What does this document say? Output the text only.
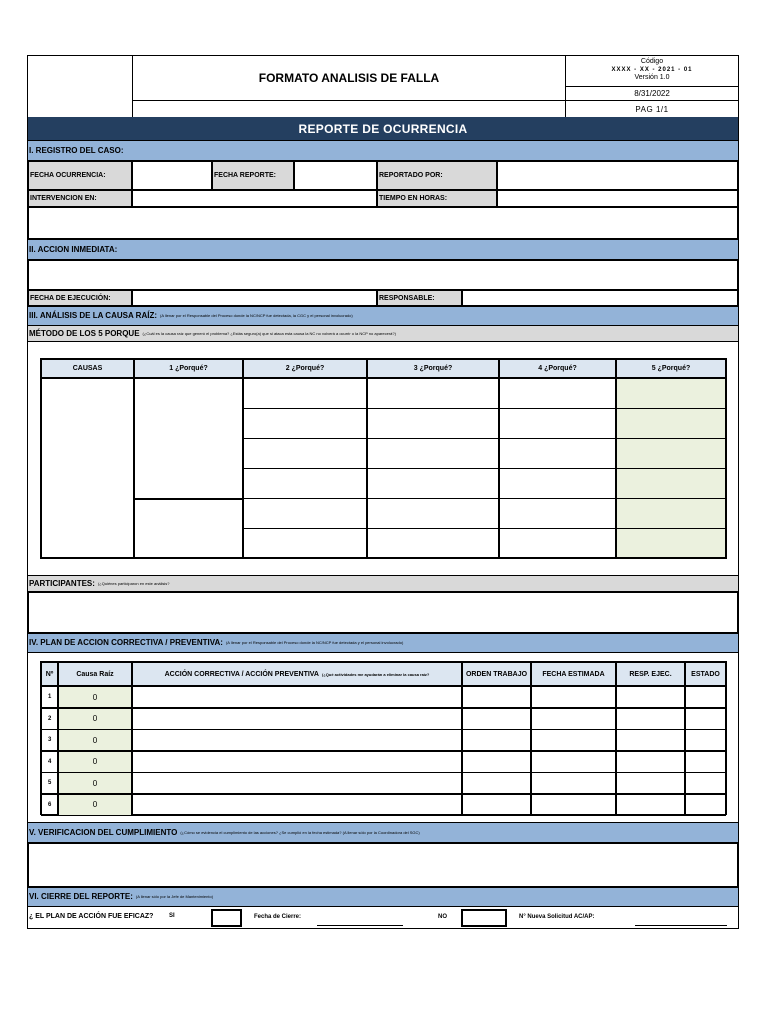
FORMATO ANALISIS DE FALLA
Código
XXXX - XX - 2021 - 01
Versión 1.0
8/31/2022
PAG 1/1
REPORTE DE OCURRENCIA
I. REGISTRO DEL CASO:
FECHA OCURRENCIA:	FECHA REPORTE:	REPORTADO POR:
INTERVENCION EN:	TIEMPO EN HORAS:
II. ACCION INMEDIATA:
FECHA DE EJECUCIÓN:	RESPONSABLE:
III. ANÁLISIS DE LA CAUSA RAÍZ: $^{(A llenar por el Responsable del Proceso donde la NC/NCP fue detectada, la CGC y el personal involucrado)}$
MÉTODO DE LOS 5 PORQUE $^{(¿Cuál es la causa raíz que generó el problema? ¿Estás seguro(a) que si ataca esta causa la NC no volverá a ocurrir o la NCP no aparecerá?)}$
CAUSAS	1 ¿Porqué?	2 ¿Porqué?	3 ¿Porqué?	4 ¿Porqué?	5 ¿Porqué?
PARTICIPANTES: $^{(¿Quiénes participaron en este análisis?}$
IV. PLAN DE ACCION CORRECTIVA / PREVENTIVA: $^{(A llenar por el Responsable del Proceso donde la NC/NCP fue detectada y el personal involucrado)}$
Nº	Causa Raíz	ACCIÓN CORRECTIVA / ACCIÓN PREVENTIVA (¿Qué actividades me ayudarán a eliminar la causa raíz?	ORDEN TRABAJO	FECHA ESTIMADA	RESP. EJEC.	ESTADO
1	0
2	0
3	0
4	0
5	0
6	0
V. VERIFICACION DEL CUMPLIMIENTO $^{(¿Cómo se evidencia el cumplimiento de las acciones? ¿Se cumplió en la fecha estimada? (A llenar sólo por la Coordinadora del SGC)}$
VI. CIERRE DEL REPORTE: $^{(A llenar sólo por la Jefe de Mantenimiento)}$
¿ EL PLAN DE ACCIÓN FUE EFICAZ?	SI	Fecha de Cierre:	NO	N° Nueva Solicitud AC/AP:
